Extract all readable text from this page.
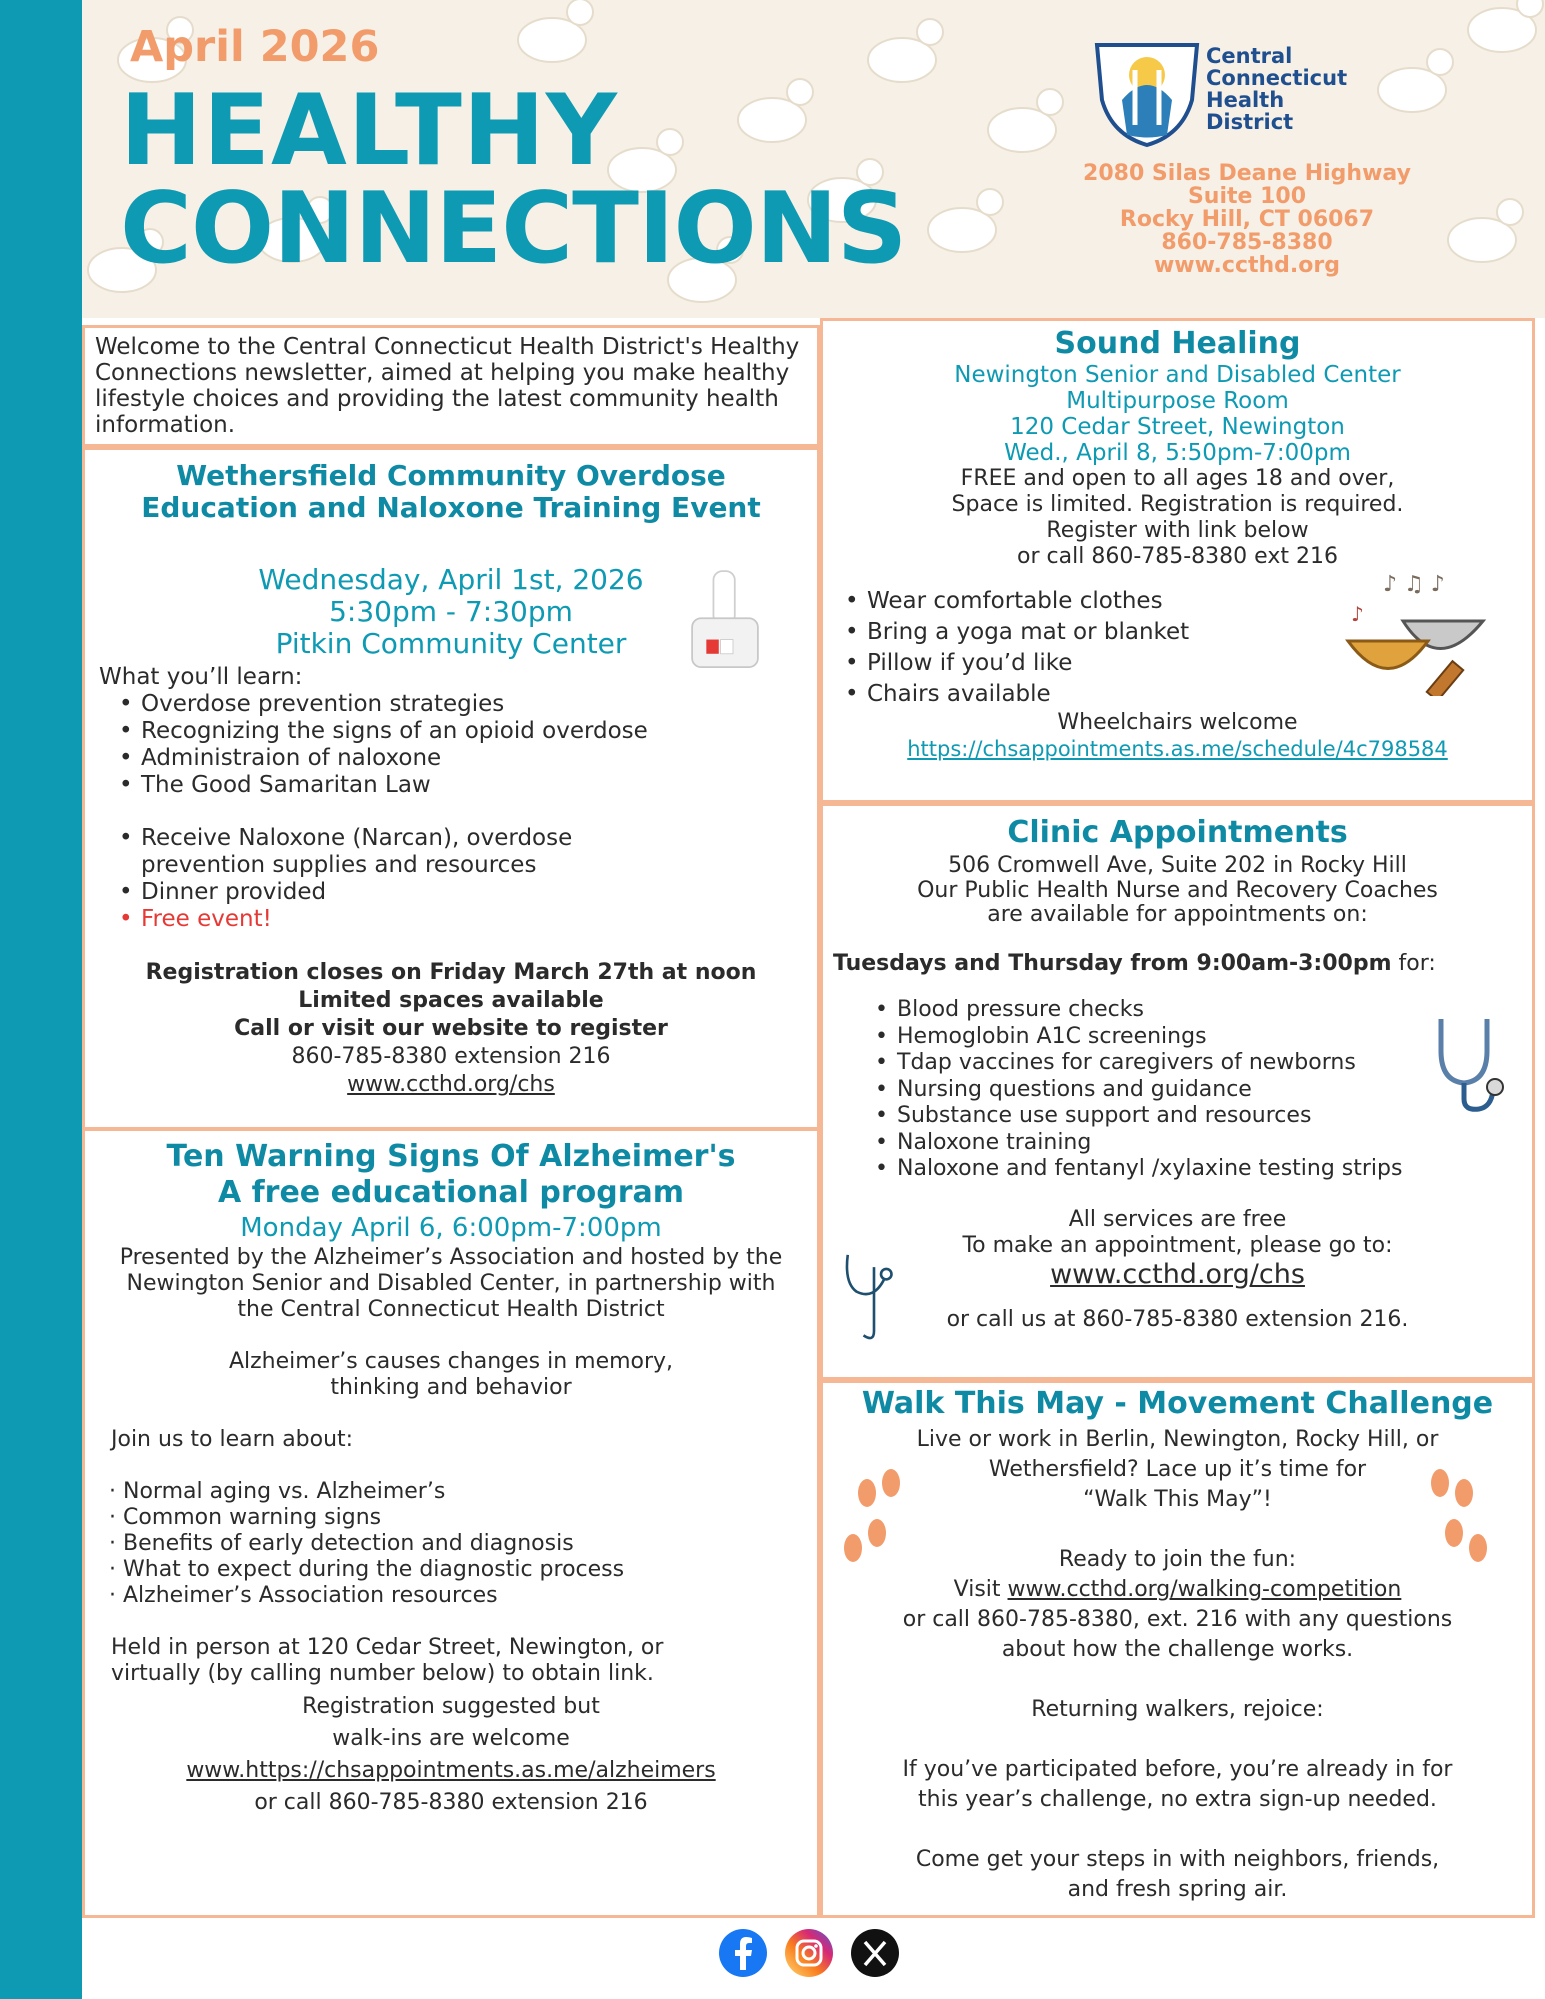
April 2026
HEALTHY
CONNECTIONS
Central
Connecticut
Health
District
2080 Silas Deane Highway
Suite 100
Rocky Hill, CT 06067
860-785-8380
www.ccthd.org
Welcome to the Central Connecticut Health District's Healthy Connections newsletter, aimed at helping you make healthy lifestyle choices and providing the latest community health information.
Wethersfield Community Overdose
Education and Naloxone Training Event
Wednesday, April 1st, 2026
5:30pm - 7:30pm
Pitkin Community Center
What you’ll learn:
• Overdose prevention strategies
• Recognizing the signs of an opioid overdose
• Administraion of naloxone
• The Good Samaritan Law
• Receive Naloxone (Narcan), overdose prevention supplies and resources
• Dinner provided
• Free event!
Registration closes on Friday March 27th at noon
Limited spaces available
Call or visit our website to register
860-785-8380 extension 216
www.ccthd.org/chs
Ten Warning Signs Of Alzheimer's
A free educational program
Monday April 6, 6:00pm-7:00pm
Presented by the Alzheimer’s Association and hosted by the Newington Senior and Disabled Center, in partnership with the Central Connecticut Health District
Alzheimer’s causes changes in memory, thinking and behavior
Join us to learn about:
· Normal aging vs. Alzheimer’s
· Common warning signs
· Benefits of early detection and diagnosis
· What to expect during the diagnostic process
· Alzheimer’s Association resources
Held in person at 120 Cedar Street, Newington, or virtually (by calling number below) to obtain link.
Registration suggested but
walk-ins are welcome
www.https://chsappointments.as.me/alzheimers
or call 860-785-8380 extension 216
Sound Healing
Newington Senior and Disabled Center
Multipurpose Room
120 Cedar Street, Newington
Wed., April 8, 5:50pm-7:00pm
FREE and open to all ages 18 and over,
Space is limited. Registration is required.
Register with link below
or call 860-785-8380 ext 216
• Wear comfortable clothes
• Bring a yoga mat or blanket
• Pillow if you’d like
• Chairs available
♪ ♫ ♪
♪
Wheelchairs welcome
https://chsappointments.as.me/schedule/4c798584
Clinic Appointments
506 Cromwell Ave, Suite 202 in Rocky Hill
Our Public Health Nurse and Recovery Coaches
are available for appointments on:
Tuesdays and Thursday from 9:00am-3:00pm for:
• Blood pressure checks
• Hemoglobin A1C screenings
• Tdap vaccines for caregivers of newborns
• Nursing questions and guidance
• Substance use support and resources
• Naloxone training
• Naloxone and fentanyl /xylaxine testing strips
All services are free
To make an appointment, please go to:
www.ccthd.org/chs
or call us at 860-785-8380 extension 216.
Walk This May - Movement Challenge
Live or work in Berlin, Newington, Rocky Hill, or
Wethersfield? Lace up it’s time for
“Walk This May”!
Ready to join the fun:
Visit www.ccthd.org/walking-competition
or call 860-785-8380, ext. 216 with any questions
about how the challenge works.
Returning walkers, rejoice:
If you’ve participated before, you’re already in for
this year’s challenge, no extra sign-up needed.
Come get your steps in with neighbors, friends,
and fresh spring air.
